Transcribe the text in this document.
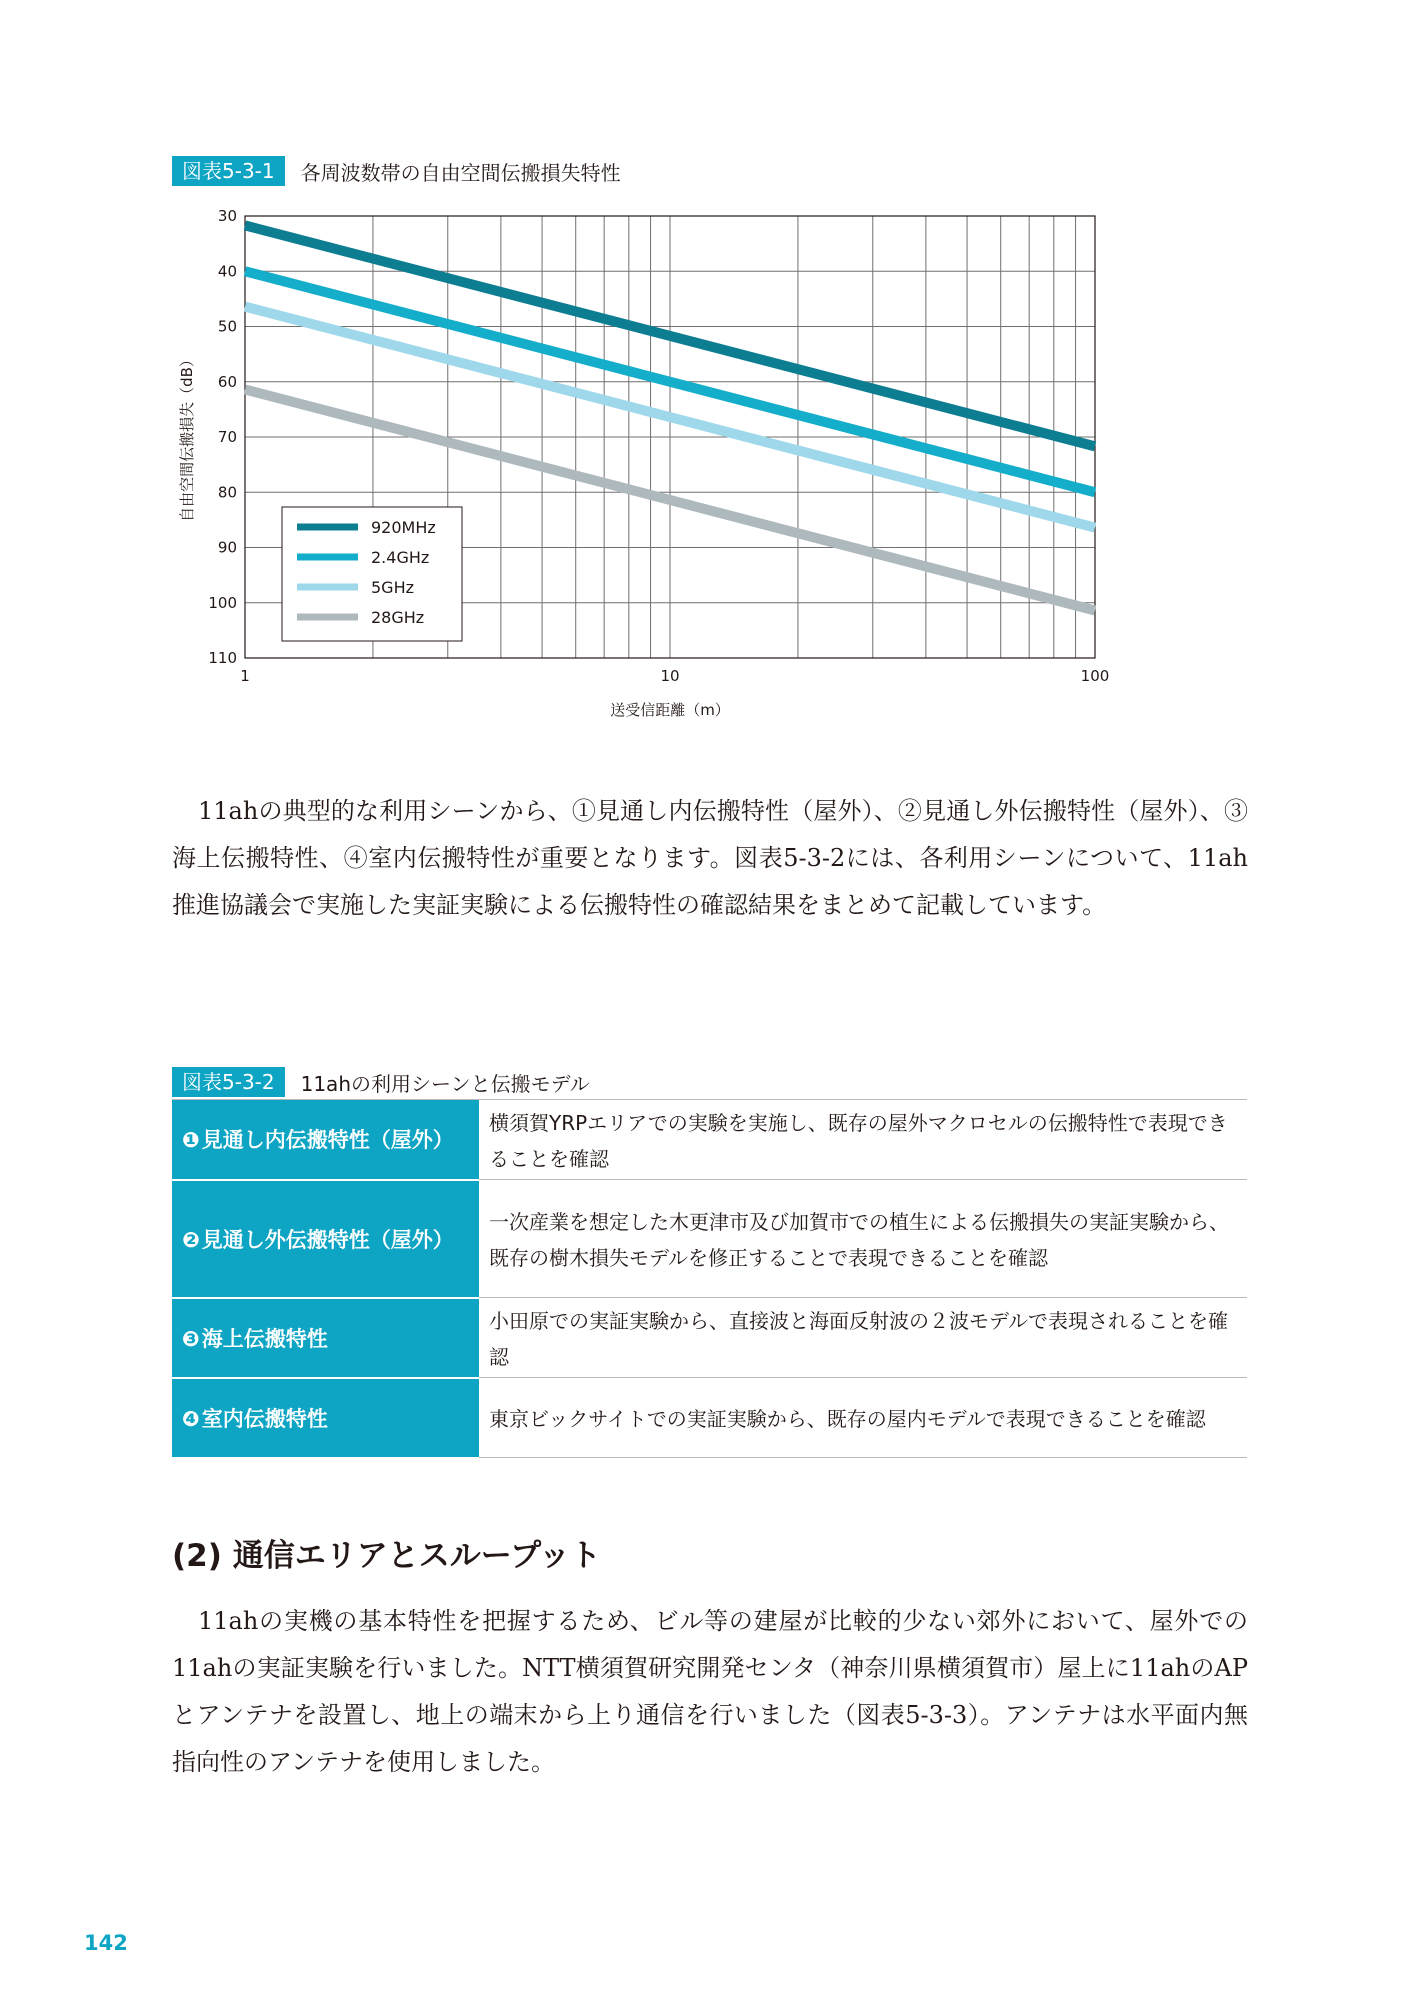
図表5-3-1	各周波数帯の自由空間伝搬損失特性
30
40
50
60
70
80
90
100
110
1	10	100
送受信距離（m）
自由空間伝搬損失（dB）
920MHz
2.4GHz
5GHz
28GHz

11ahの典型的な利用シーンから、①見通し内伝搬特性（屋外）、②見通し外伝搬特性（屋外）、③海上伝搬特性、④室内伝搬特性が重要となります。図表5-3-2には、各利用シーンについて、11ah推進協議会で実施した実証実験による伝搬特性の確認結果をまとめて記載しています。

図表5-3-2	11ahの利用シーンと伝搬モデル
❶見通し内伝搬特性（屋外）	横須賀YRPエリアでの実験を実施し、既存の屋外マクロセルの伝搬特性で表現できることを確認
❷見通し外伝搬特性（屋外）	一次産業を想定した木更津市及び加賀市での植生による伝搬損失の実証実験から、既存の樹木損失モデルを修正することで表現できることを確認
❸海上伝搬特性	小田原での実証実験から、直接波と海面反射波の２波モデルで表現されることを確認
❹室内伝搬特性	東京ビックサイトでの実証実験から、既存の屋内モデルで表現できることを確認
(2) 通信エリアとスループット

11ahの実機の基本特性を把握するため、ビル等の建屋が比較的少ない郊外において、屋外での11ahの実証実験を行いました。NTT横須賀研究開発センタ（神奈川県横須賀市）屋上に11ahのAPとアンテナを設置し、地上の端末から上り通信を行いました（図表5-3-3）。アンテナは水平面内無指向性のアンテナを使用しました。

142
